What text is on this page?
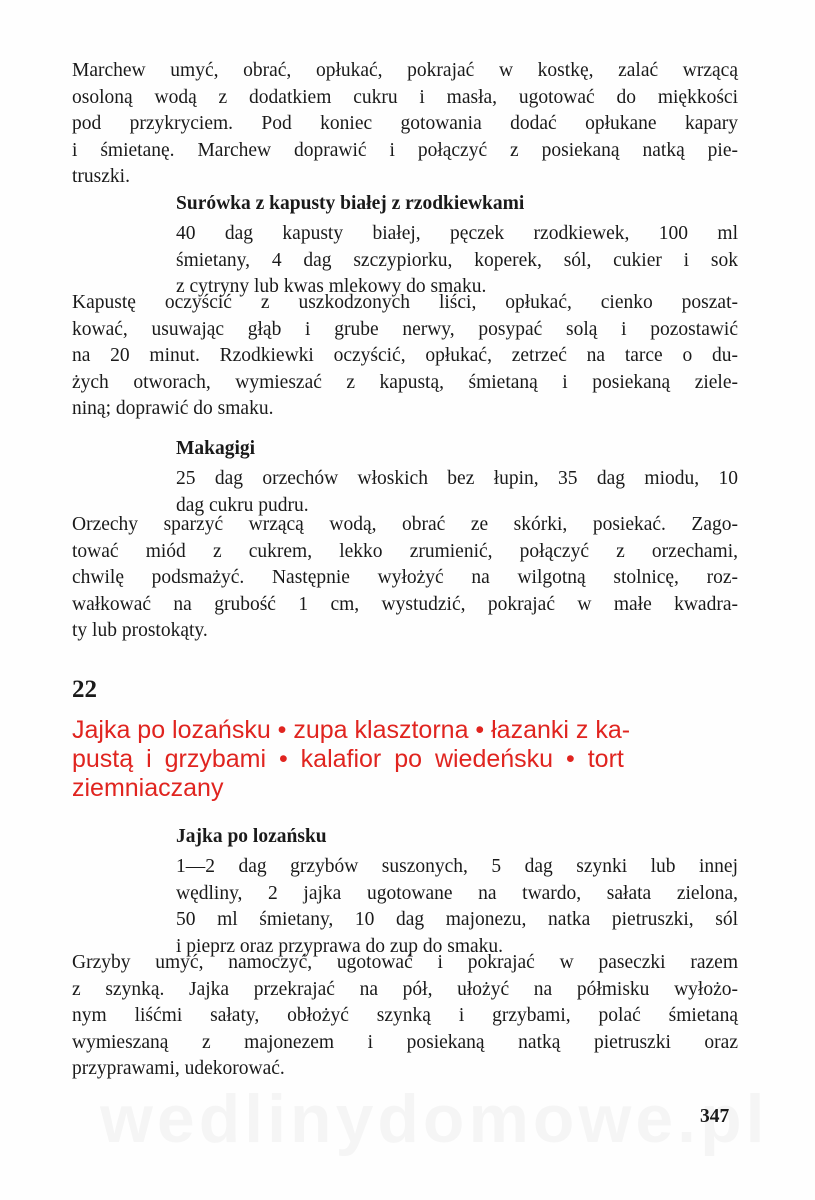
Marchew umyć, obrać, opłukać, pokrajać w kostkę, zalać wrzącą
osoloną wodą z dodatkiem cukru i masła, ugotować do miękkości
pod przykryciem. Pod koniec gotowania dodać opłukane kapary
i śmietanę. Marchew doprawić i połączyć z posiekaną natką pie-
truszki.
Surówka z kapusty białej z rzodkiewkami
40 dag kapusty białej, pęczek rzodkiewek, 100 ml
śmietany, 4 dag szczypiorku, koperek, sól, cukier i sok
z cytryny lub kwas mlekowy do smaku.
Kapustę oczyścić z uszkodzonych liści, opłukać, cienko poszat-
kować, usuwając głąb i grube nerwy, posypać solą i pozostawić
na 20 minut. Rzodkiewki oczyścić, opłukać, zetrzeć na tarce o du-
żych otworach, wymieszać z kapustą, śmietaną i posiekaną ziele-
niną; doprawić do smaku.
Makagigi
25 dag orzechów włoskich bez łupin, 35 dag miodu, 10
dag cukru pudru.
Orzechy sparzyć wrzącą wodą, obrać ze skórki, posiekać. Zago-
tować miód z cukrem, lekko zrumienić, połączyć z orzechami,
chwilę podsmażyć. Następnie wyłożyć na wilgotną stolnicę, roz-
wałkować na grubość 1 cm, wystudzić, pokrajać w małe kwadra-
ty lub prostokąty.
22
Jajka po lozańsku • zupa klasztorna • łazanki z ka-
pustą i grzybami • kalafior po wiedeńsku • tort
ziemniaczany
Jajka po lozańsku
1—2 dag grzybów suszonych, 5 dag szynki lub innej
wędliny, 2 jajka ugotowane na twardo, sałata zielona,
50 ml śmietany, 10 dag majonezu, natka pietruszki, sól
i pieprz oraz przyprawa do zup do smaku.
Grzyby umyć, namoczyć, ugotować i pokrajać w paseczki razem
z szynką. Jajka przekrajać na pół, ułożyć na półmisku wyłożo-
nym liśćmi sałaty, obłożyć szynką i grzybami, polać śmietaną
wymieszaną z majonezem i posiekaną natką pietruszki oraz
przyprawami, udekorować.
347
